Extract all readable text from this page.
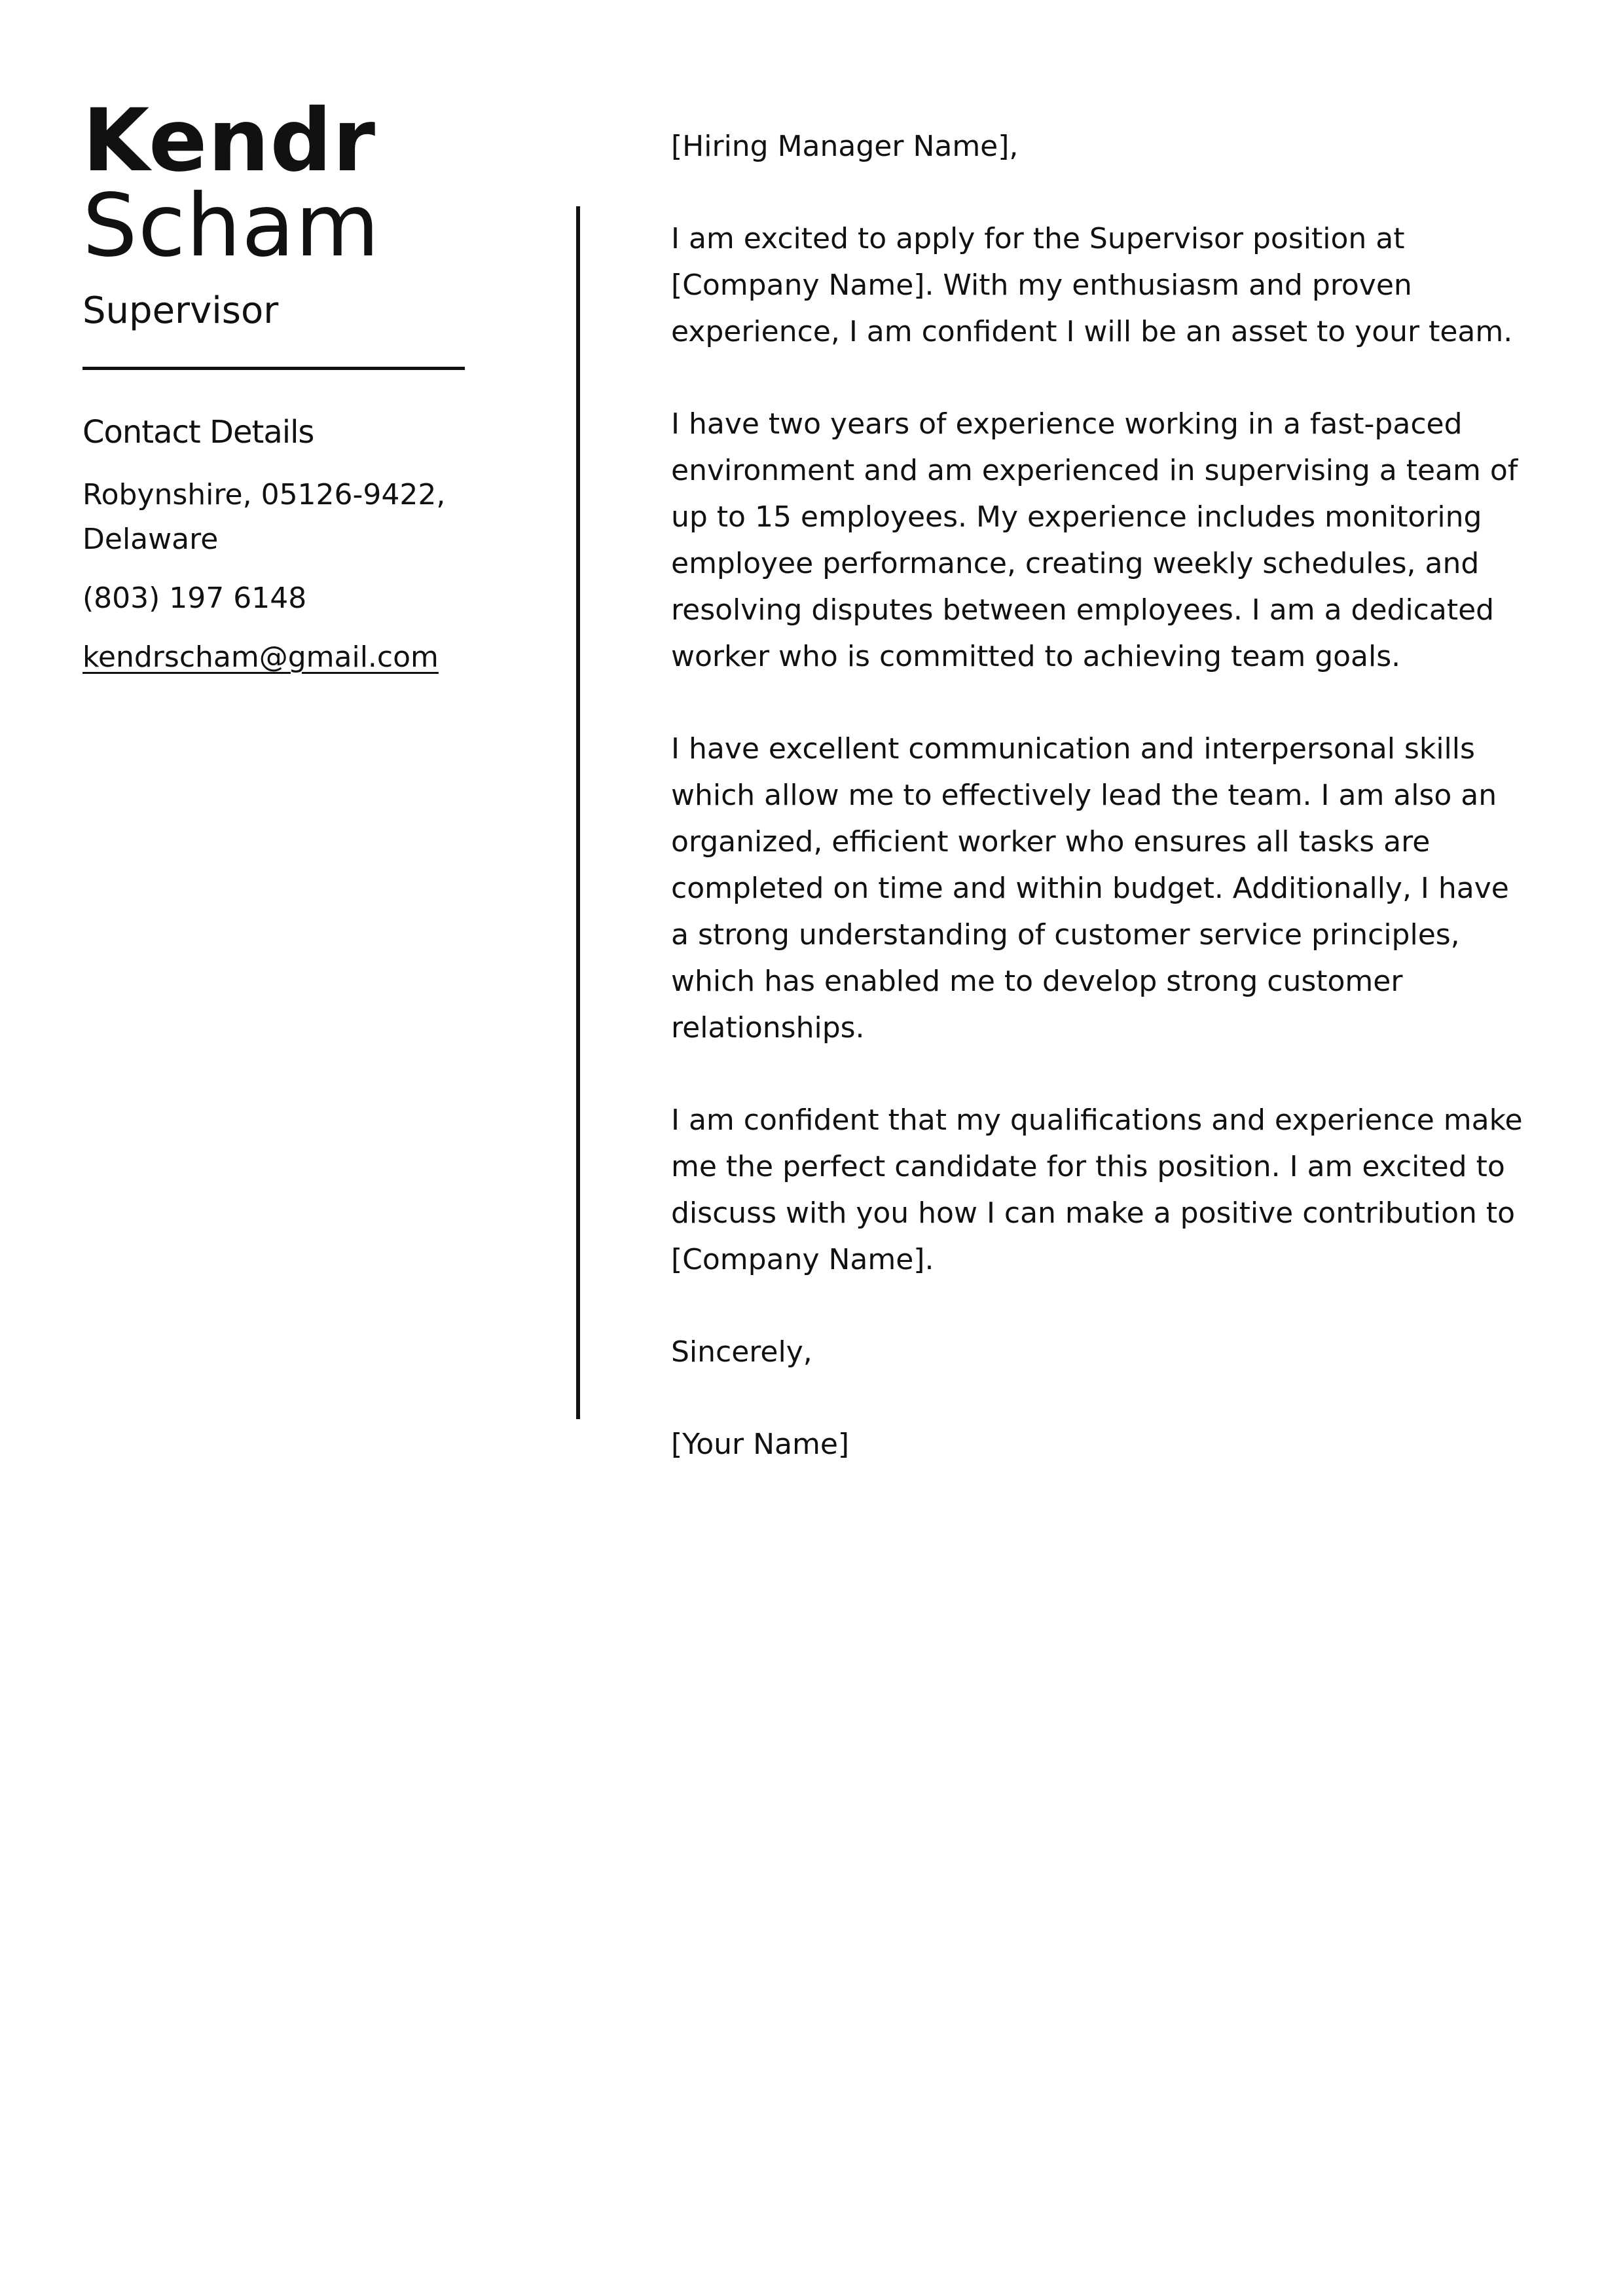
Kendr
Scham
Supervisor
Contact Details
Robynshire, 05126-9422, Delaware
(803) 197 6148
kendrscham@gmail.com

[Hiring Manager Name],

I am excited to apply for the Supervisor position at [Company Name]. With my enthusiasm and proven experience, I am confident I will be an asset to your team.

I have two years of experience working in a fast-paced environment and am experienced in supervising a team of up to 15 employees. My experience includes monitoring employee performance, creating weekly schedules, and resolving disputes between employees. I am a dedicated worker who is committed to achieving team goals.

I have excellent communication and interpersonal skills which allow me to effectively lead the team. I am also an organized, efficient worker who ensures all tasks are completed on time and within budget. Additionally, I have a strong understanding of customer service principles, which has enabled me to develop strong customer relationships.

I am confident that my qualifications and experience make me the perfect candidate for this position. I am excited to discuss with you how I can make a positive contribution to [Company Name].

Sincerely,

[Your Name]
